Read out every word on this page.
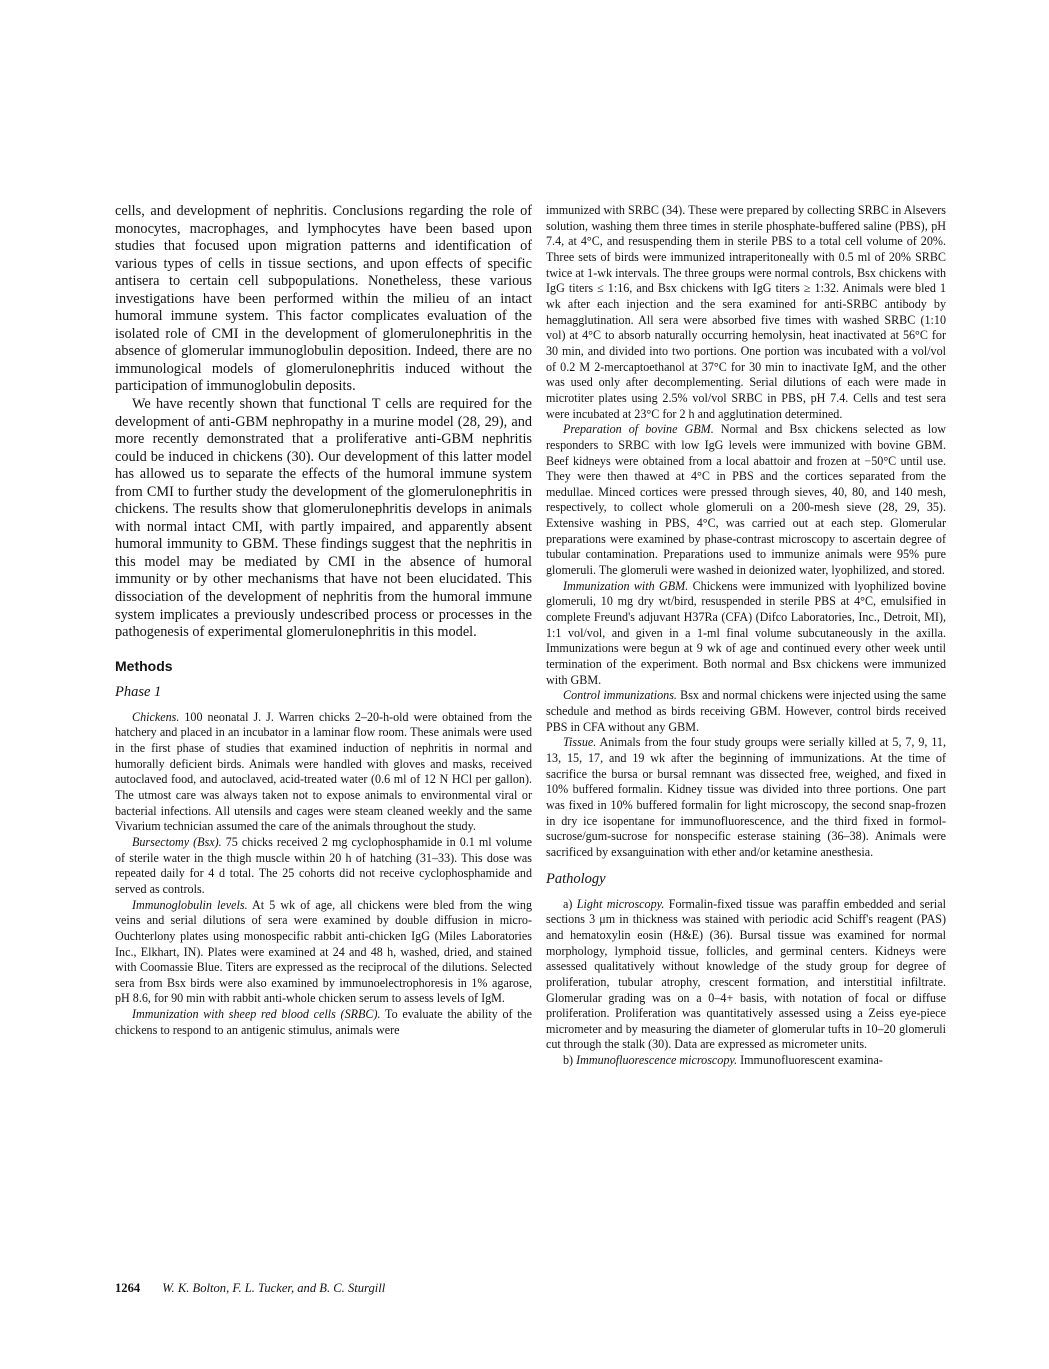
cells, and development of nephritis. Conclusions regarding the role of monocytes, macrophages, and lymphocytes have been based upon studies that focused upon migration patterns and identification of various types of cells in tissue sections, and upon effects of specific antisera to certain cell subpopulations. Nonetheless, these various investigations have been performed within the milieu of an intact humoral immune system. This factor complicates evaluation of the isolated role of CMI in the development of glomerulonephritis in the absence of glomerular immunoglobulin deposition. Indeed, there are no immunological models of glomerulonephritis induced without the participation of immunoglobulin deposits.

We have recently shown that functional T cells are required for the development of anti-GBM nephropathy in a murine model (28, 29), and more recently demonstrated that a proliferative anti-GBM nephritis could be induced in chickens (30). Our development of this latter model has allowed us to separate the effects of the humoral immune system from CMI to further study the development of the glomerulonephritis in chickens. The results show that glomerulonephritis develops in animals with normal intact CMI, with partly impaired, and apparently absent humoral immunity to GBM. These findings suggest that the nephritis in this model may be mediated by CMI in the absence of humoral immunity or by other mechanisms that have not been elucidated. This dissociation of the development of nephritis from the humoral immune system implicates a previously undescribed process or processes in the pathogenesis of experimental glomerulonephritis in this model.

Methods
Phase 1

Chickens. 100 neonatal J. J. Warren chicks 2–20-h-old were obtained from the hatchery and placed in an incubator in a laminar flow room. These animals were used in the first phase of studies that examined induction of nephritis in normal and humorally deficient birds. Animals were handled with gloves and masks, received autoclaved food, and autoclaved, acid-treated water (0.6 ml of 12 N HCl per gallon). The utmost care was always taken not to expose animals to environmental viral or bacterial infections. All utensils and cages were steam cleaned weekly and the same Vivarium technician assumed the care of the animals throughout the study.

Bursectomy (Bsx). 75 chicks received 2 mg cyclophosphamide in 0.1 ml volume of sterile water in the thigh muscle within 20 h of hatching (31–33). This dose was repeated daily for 4 d total. The 25 cohorts did not receive cyclophosphamide and served as controls.

Immunoglobulin levels. At 5 wk of age, all chickens were bled from the wing veins and serial dilutions of sera were examined by double diffusion in micro-Ouchterlony plates using monospecific rabbit anti-chicken IgG (Miles Laboratories Inc., Elkhart, IN). Plates were examined at 24 and 48 h, washed, dried, and stained with Coomassie Blue. Titers are expressed as the reciprocal of the dilutions. Selected sera from Bsx birds were also examined by immunoelectrophoresis in 1% agarose, pH 8.6, for 90 min with rabbit anti-whole chicken serum to assess levels of IgM.

Immunization with sheep red blood cells (SRBC). To evaluate the ability of the chickens to respond to an antigenic stimulus, animals were

immunized with SRBC (34). These were prepared by collecting SRBC in Alsevers solution, washing them three times in sterile phosphate-buffered saline (PBS), pH 7.4, at 4°C, and resuspending them in sterile PBS to a total cell volume of 20%. Three sets of birds were immunized intraperitoneally with 0.5 ml of 20% SRBC twice at 1-wk intervals. The three groups were normal controls, Bsx chickens with IgG titers ≤ 1:16, and Bsx chickens with IgG titers ≥ 1:32. Animals were bled 1 wk after each injection and the sera examined for anti-SRBC antibody by hemagglutination. All sera were absorbed five times with washed SRBC (1:10 vol) at 4°C to absorb naturally occurring hemolysin, heat inactivated at 56°C for 30 min, and divided into two portions. One portion was incubated with a vol/vol of 0.2 M 2-mercaptoethanol at 37°C for 30 min to inactivate IgM, and the other was used only after decomplementing. Serial dilutions of each were made in microtiter plates using 2.5% vol/vol SRBC in PBS, pH 7.4. Cells and test sera were incubated at 23°C for 2 h and agglutination determined.

Preparation of bovine GBM. Normal and Bsx chickens selected as low responders to SRBC with low IgG levels were immunized with bovine GBM. Beef kidneys were obtained from a local abattoir and frozen at −50°C until use. They were then thawed at 4°C in PBS and the cortices separated from the medullae. Minced cortices were pressed through sieves, 40, 80, and 140 mesh, respectively, to collect whole glomeruli on a 200-mesh sieve (28, 29, 35). Extensive washing in PBS, 4°C, was carried out at each step. Glomerular preparations were examined by phase-contrast microscopy to ascertain degree of tubular contamination. Preparations used to immunize animals were 95% pure glomeruli. The glomeruli were washed in deionized water, lyophilized, and stored.

Immunization with GBM. Chickens were immunized with lyophilized bovine glomeruli, 10 mg dry wt/bird, resuspended in sterile PBS at 4°C, emulsified in complete Freund's adjuvant H37Ra (CFA) (Difco Laboratories, Inc., Detroit, MI), 1:1 vol/vol, and given in a 1-ml final volume subcutaneously in the axilla. Immunizations were begun at 9 wk of age and continued every other week until termination of the experiment. Both normal and Bsx chickens were immunized with GBM.

Control immunizations. Bsx and normal chickens were injected using the same schedule and method as birds receiving GBM. However, control birds received PBS in CFA without any GBM.

Tissue. Animals from the four study groups were serially killed at 5, 7, 9, 11, 13, 15, 17, and 19 wk after the beginning of immunizations. At the time of sacrifice the bursa or bursal remnant was dissected free, weighed, and fixed in 10% buffered formalin. Kidney tissue was divided into three portions. One part was fixed in 10% buffered formalin for light microscopy, the second snap-frozen in dry ice isopentane for immunofluorescence, and the third fixed in formol-sucrose/gum-sucrose for nonspecific esterase staining (36–38). Animals were sacrificed by exsanguination with ether and/or ketamine anesthesia.

Pathology

a) Light microscopy. Formalin-fixed tissue was paraffin embedded and serial sections 3 μm in thickness was stained with periodic acid Schiff's reagent (PAS) and hematoxylin eosin (H&E) (36). Bursal tissue was examined for normal morphology, lymphoid tissue, follicles, and germinal centers. Kidneys were assessed qualitatively without knowledge of the study group for degree of proliferation, tubular atrophy, crescent formation, and interstitial infiltrate. Glomerular grading was on a 0–4+ basis, with notation of focal or diffuse proliferation. Proliferation was quantitatively assessed using a Zeiss eye-piece micrometer and by measuring the diameter of glomerular tufts in 10–20 glomeruli cut through the stalk (30). Data are expressed as micrometer units.

b) Immunofluorescence microscopy. Immunofluorescent examina-

1264 W. K. Bolton, F. L. Tucker, and B. C. Sturgill
